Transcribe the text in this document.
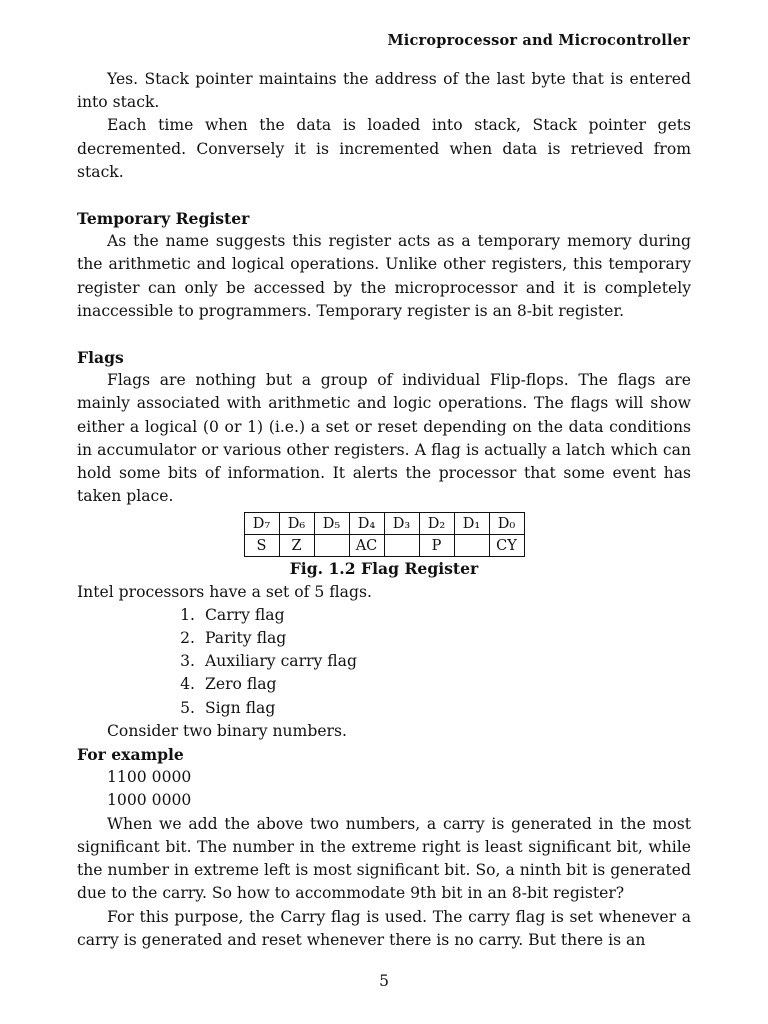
Microprocessor and Microcontroller

Yes. Stack pointer maintains the address of the last byte that is entered into stack.

Each time when the data is loaded into stack, Stack pointer gets decremented. Conversely it is incremented when data is retrieved from stack.

Temporary Register

As the name suggests this register acts as a temporary memory during the arithmetic and logical operations. Unlike other registers, this temporary register can only be accessed by the microprocessor and it is completely inaccessible to programmers. Temporary register is an 8-bit register.

Flags

Flags are nothing but a group of individual Flip-flops. The flags are mainly associated with arithmetic and logic operations. The flags will show either a logical (0 or 1) (i.e.) a set or reset depending on the data conditions in accumulator or various other registers. A flag is actually a latch which can hold some bits of information. It alerts the processor that some event has taken place.

D₇	D₆	D₅	D₄	D₃	D₂	D₁	D₀
S	Z		AC		P		CY

Fig. 1.2 Flag Register

Intel processors have a set of 5 flags.

1. Carry flag
2. Parity flag
3. Auxiliary carry flag
4. Zero flag
5. Sign flag

Consider two binary numbers.

For example
1100 0000
1000 0000

When we add the above two numbers, a carry is generated in the most significant bit. The number in the extreme right is least significant bit, while the number in extreme left is most significant bit. So, a ninth bit is generated due to the carry. So how to accommodate 9th bit in an 8-bit register?

For this purpose, the Carry flag is used. The carry flag is set whenever a carry is generated and reset whenever there is no carry. But there is an

5
